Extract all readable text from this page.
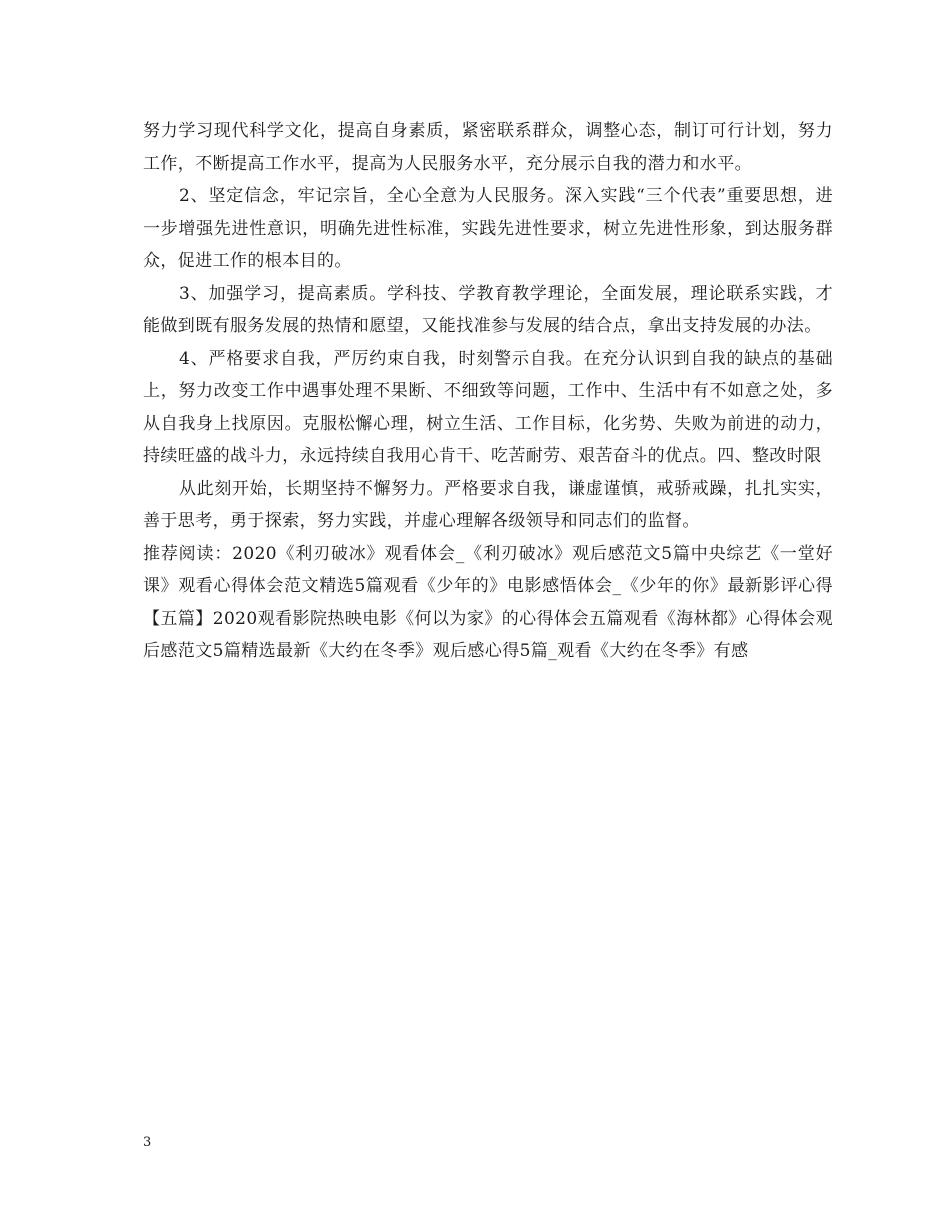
努力学习现代科学文化，提高自身素质，紧密联系群众，调整心态，制订可行计划，努力工作，不断提高工作水平，提高为人民服务水平，充分展示自我的潜力和水平。

2、坚定信念，牢记宗旨，全心全意为人民服务。深入实践“三个代表”重要思想，进一步增强先进性意识，明确先进性标准，实践先进性要求，树立先进性形象，到达服务群众，促进工作的根本目的。

3、加强学习，提高素质。学科技、学教育教学理论，全面发展，理论联系实践，才能做到既有服务发展的热情和愿望，又能找准参与发展的结合点，拿出支持发展的办法。

4、严格要求自我，严厉约束自我，时刻警示自我。在充分认识到自我的缺点的基础上，努力改变工作中遇事处理不果断、不细致等问题，工作中、生活中有不如意之处，多从自我身上找原因。克服松懈心理，树立生活、工作目标，化劣势、失败为前进的动力，持续旺盛的战斗力，永远持续自我用心肯干、吃苦耐劳、艰苦奋斗的优点。四、整改时限

从此刻开始，长期坚持不懈努力。严格要求自我，谦虚谨慎，戒骄戒躁，扎扎实实，善于思考，勇于探索，努力实践，并虚心理解各级领导和同志们的监督。

推荐阅读：2020《利刃破冰》观看体会_《利刃破冰》观后感范文5篇中央综艺《一堂好课》观看心得体会范文精选5篇观看《少年的》电影感悟体会_《少年的你》最新影评心得【五篇】2020观看影院热映电影《何以为家》的心得体会五篇观看《海林都》心得体会观后感范文5篇精选最新《大约在冬季》观后感心得5篇_观看《大约在冬季》有感

3
